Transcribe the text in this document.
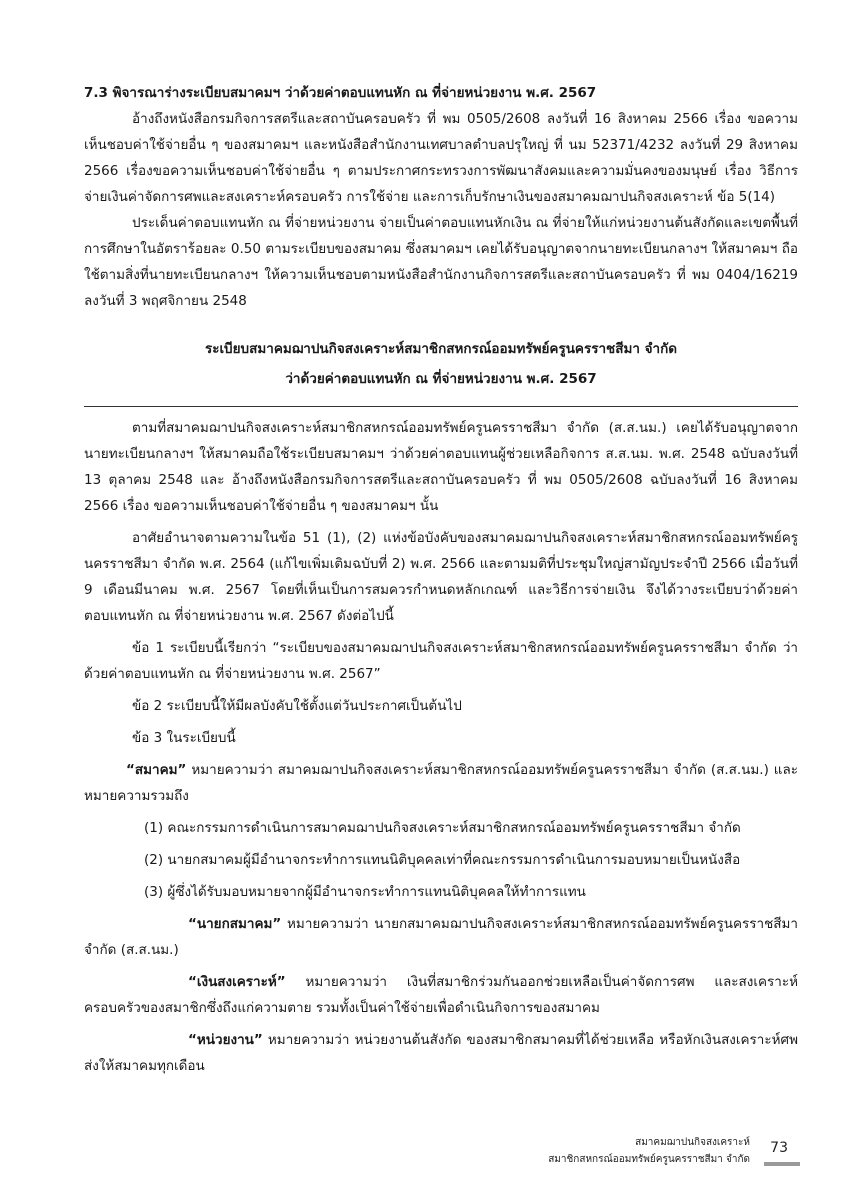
7.3 พิจารณาร่างระเบียบสมาคมฯ ว่าด้วยค่าตอบแทนหัก ณ ที่จ่ายหน่วยงาน พ.ศ. 2567

อ้างถึงหนังสือกรมกิจการสตรีและสถาบันครอบครัว ที่ พม 0505/2608 ลงวันที่ 16 สิงหาคม 2566 เรื่อง ขอความเห็นชอบค่าใช้จ่ายอื่น ๆ ของสมาคมฯ และหนังสือสำนักงานเทศบาลตำบลปรุใหญ่ ที่ นม 52371/4232 ลงวันที่ 29 สิงหาคม 2566 เรื่องขอความเห็นชอบค่าใช้จ่ายอื่น ๆ ตามประกาศกระทรวงการพัฒนาสังคมและความมั่นคงของมนุษย์ เรื่อง วิธีการจ่ายเงินค่าจัดการศพและสงเคราะห์ครอบครัว การใช้จ่าย และการเก็บรักษาเงินของสมาคมฌาปนกิจสงเคราะห์ ข้อ 5(14)

ประเด็นค่าตอบแทนหัก ณ ที่จ่ายหน่วยงาน จ่ายเป็นค่าตอบแทนหักเงิน ณ ที่จ่ายให้แก่หน่วยงานต้นสังกัดและเขตพื้นที่การศึกษาในอัตราร้อยละ 0.50 ตามระเบียบของสมาคม ซึ่งสมาคมฯ เคยได้รับอนุญาตจากนายทะเบียนกลางฯ ให้สมาคมฯ ถือใช้ตามสิ่งที่นายทะเบียนกลางฯ ให้ความเห็นชอบตามหนังสือสำนักงานกิจการสตรีและสถาบันครอบครัว ที่ พม 0404/16219 ลงวันที่ 3 พฤศจิกายน 2548

ระเบียบสมาคมฌาปนกิจสงเคราะห์สมาชิกสหกรณ์ออมทรัพย์ครูนครราชสีมา จำกัด
ว่าด้วยค่าตอบแทนหัก ณ ที่จ่ายหน่วยงาน พ.ศ. 2567

ตามที่สมาคมฌาปนกิจสงเคราะห์สมาชิกสหกรณ์ออมทรัพย์ครูนครราชสีมา จำกัด (ส.ส.นม.) เคยได้รับอนุญาตจากนายทะเบียนกลางฯ ให้สมาคมถือใช้ระเบียบสมาคมฯ ว่าด้วยค่าตอบแทนผู้ช่วยเหลือกิจการ ส.ส.นม. พ.ศ. 2548 ฉบับลงวันที่ 13 ตุลาคม 2548 และ อ้างถึงหนังสือกรมกิจการสตรีและสถาบันครอบครัว ที่ พม 0505/2608 ฉบับลงวันที่ 16 สิงหาคม 2566 เรื่อง ขอความเห็นชอบค่าใช้จ่ายอื่น ๆ ของสมาคมฯ นั้น

อาศัยอำนาจตามความในข้อ 51 (1), (2) แห่งข้อบังคับของสมาคมฌาปนกิจสงเคราะห์สมาชิกสหกรณ์ออมทรัพย์ครูนครราชสีมา จำกัด พ.ศ. 2564 (แก้ไขเพิ่มเติมฉบับที่ 2) พ.ศ. 2566 และตามมติที่ประชุมใหญ่สามัญประจำปี 2566 เมื่อวันที่ 9 เดือนมีนาคม พ.ศ. 2567 โดยที่เห็นเป็นการสมควรกำหนดหลักเกณฑ์ และวิธีการจ่ายเงิน จึงได้วางระเบียบว่าด้วยค่าตอบแทนหัก ณ ที่จ่ายหน่วยงาน พ.ศ. 2567 ดังต่อไปนี้

ข้อ 1 ระเบียบนี้เรียกว่า “ระเบียบของสมาคมฌาปนกิจสงเคราะห์สมาชิกสหกรณ์ออมทรัพย์ครูนครราชสีมา จำกัด ว่าด้วยค่าตอบแทนหัก ณ ที่จ่ายหน่วยงาน พ.ศ. 2567”

ข้อ 2 ระเบียบนี้ให้มีผลบังคับใช้ตั้งแต่วันประกาศเป็นต้นไป

ข้อ 3 ในระเบียบนี้

“สมาคม” หมายความว่า สมาคมฌาปนกิจสงเคราะห์สมาชิกสหกรณ์ออมทรัพย์ครูนครราชสีมา จำกัด (ส.ส.นม.) และหมายความรวมถึง

(1) คณะกรรมการดำเนินการสมาคมฌาปนกิจสงเคราะห์สมาชิกสหกรณ์ออมทรัพย์ครูนครราชสีมา จำกัด

(2) นายกสมาคมผู้มีอำนาจกระทำการแทนนิติบุคคลเท่าที่คณะกรรมการดำเนินการมอบหมายเป็นหนังสือ

(3) ผู้ซึ่งได้รับมอบหมายจากผู้มีอำนาจกระทำการแทนนิติบุคคลให้ทำการแทน

“นายกสมาคม” หมายความว่า นายกสมาคมฌาปนกิจสงเคราะห์สมาชิกสหกรณ์ออมทรัพย์ครูนครราชสีมา จำกัด (ส.ส.นม.)

“เงินสงเคราะห์” หมายความว่า เงินที่สมาชิกร่วมกันออกช่วยเหลือเป็นค่าจัดการศพ และสงเคราะห์ครอบครัวของสมาชิกซึ่งถึงแก่ความตาย รวมทั้งเป็นค่าใช้จ่ายเพื่อดำเนินกิจการของสมาคม

“หน่วยงาน” หมายความว่า หน่วยงานต้นสังกัด ของสมาชิกสมาคมที่ได้ช่วยเหลือ หรือหักเงินสงเคราะห์ศพส่งให้สมาคมทุกเดือน

สมาคมฌาปนกิจสงเคราะห์
สมาชิกสหกรณ์ออมทรัพย์ครูนครราชสีมา จำกัด
73
